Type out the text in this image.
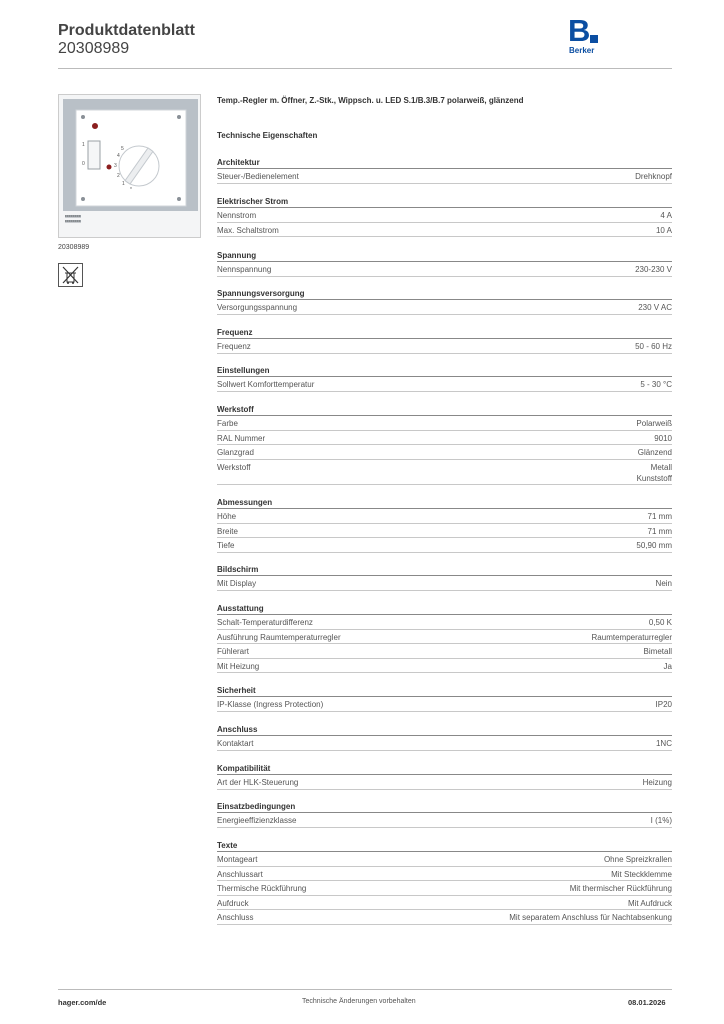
Produktdatenblatt
20308989
B
Berker
1
0
4
5
3
2
1
*
20308989
Temp.-Regler m. Öffner, Z.-Stk., Wippsch. u. LED S.1/B.3/B.7 polarweiß, glänzend
Technische Eigenschaften
Architektur
Steuer-/Bedienelement	Drehknopf
Elektrischer Strom
Nennstrom	4 A
Max. Schaltstrom	10 A
Spannung
Nennspannung	230-230 V
Spannungsversorgung
Versorgungsspannung	230 V AC
Frequenz
Frequenz	50 - 60 Hz
Einstellungen
Sollwert Komforttemperatur	5 - 30 °C
Werkstoff
Farbe	Polarweiß
RAL Nummer	9010
Glanzgrad	Glänzend
Werkstoff	Metall
Kunststoff
Abmessungen
Höhe	71 mm
Breite	71 mm
Tiefe	50,90 mm
Bildschirm
Mit Display	Nein
Ausstattung
Schalt-Temperaturdifferenz	0,50 K
Ausführung Raumtemperaturregler	Raumtemperaturregler
Fühlerart	Bimetall
Mit Heizung	Ja
Sicherheit
IP-Klasse (Ingress Protection)	IP20
Anschluss
Kontaktart	1NC
Kompatibilität
Art der HLK-Steuerung	Heizung
Einsatzbedingungen
Energieeffizienzklasse	I (1%)
Texte
Montageart	Ohne Spreizkrallen
Anschlussart	Mit Steckklemme
Thermische Rückführung	Mit thermischer Rückführung
Aufdruck	Mit Aufdruck
Anschluss	Mit separatem Anschluss für Nachtabsenkung
hager.com/de	Technische Änderungen vorbehalten	08.01.2026
